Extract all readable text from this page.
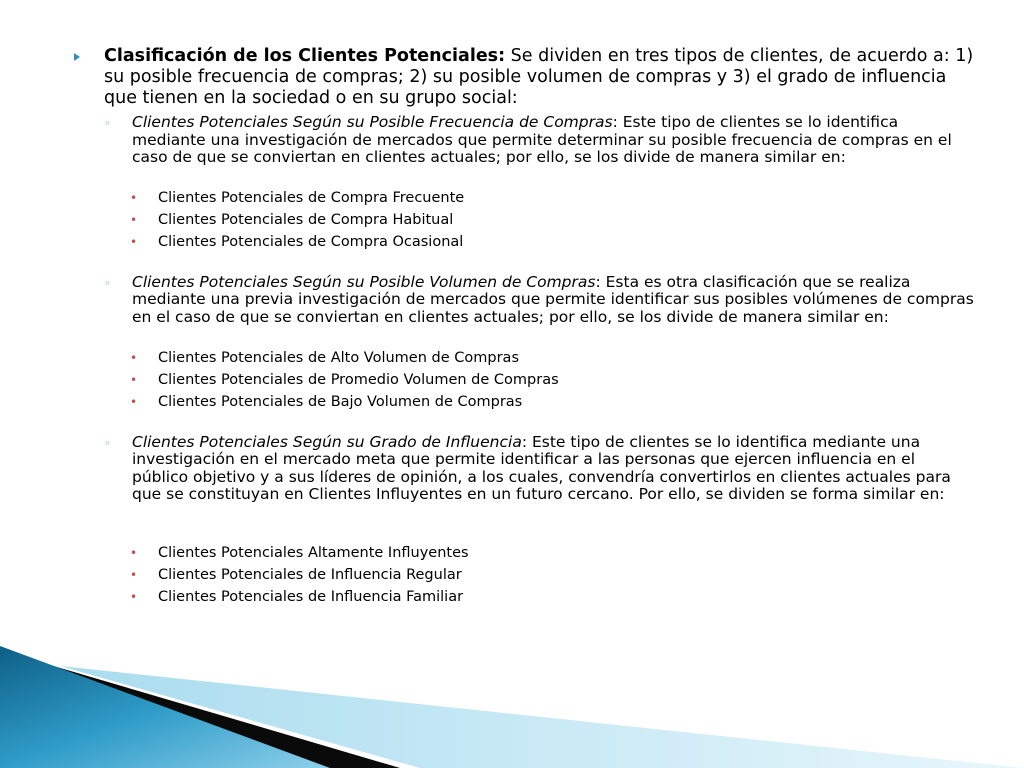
Clasificación de los Clientes Potenciales: Se dividen en tres tipos de clientes, de acuerdo a: 1) su posible frecuencia de compras; 2) su posible volumen de compras y 3) el grado de influencia que tienen en la sociedad o en su grupo social:
◦ Clientes Potenciales Según su Posible Frecuencia de Compras: Este tipo de clientes se lo identifica mediante una investigación de mercados que permite determinar su posible frecuencia de compras en el caso de que se conviertan en clientes actuales; por ello, se los divide de manera similar en:
• Clientes Potenciales de Compra Frecuente
• Clientes Potenciales de Compra Habitual
• Clientes Potenciales de Compra Ocasional
◦ Clientes Potenciales Según su Posible Volumen de Compras: Esta es otra clasificación que se realiza mediante una previa investigación de mercados que permite identificar sus posibles volúmenes de compras en el caso de que se conviertan en clientes actuales; por ello, se los divide de manera similar en:
• Clientes Potenciales de Alto Volumen de Compras
• Clientes Potenciales de Promedio Volumen de Compras
• Clientes Potenciales de Bajo Volumen de Compras
◦ Clientes Potenciales Según su Grado de Influencia: Este tipo de clientes se lo identifica mediante una investigación en el mercado meta que permite identificar a las personas que ejercen influencia en el público objetivo y a sus líderes de opinión, a los cuales, convendría convertirlos en clientes actuales para que se constituyan en Clientes Influyentes en un futuro cercano. Por ello, se dividen se forma similar en:
• Clientes Potenciales Altamente Influyentes
• Clientes Potenciales de Influencia Regular
• Clientes Potenciales de Influencia Familiar
